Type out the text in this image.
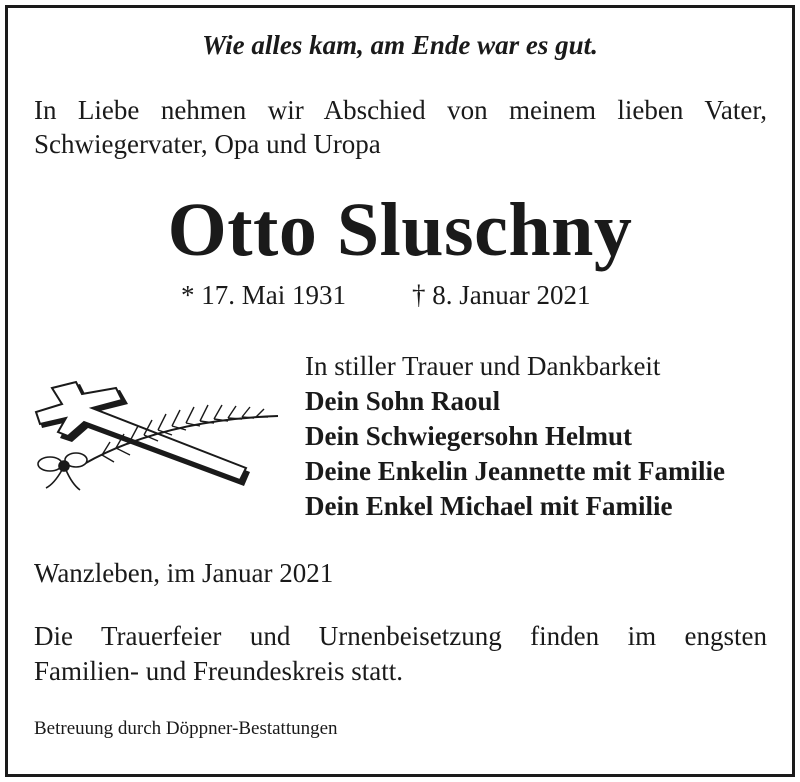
Wie alles kam, am Ende war es gut.
In Liebe nehmen wir Abschied von meinem lieben Vater,
Schwiegervater, Opa und Uropa
Otto Sluschny
* 17. Mai 1931 † 8. Januar 2021
In stiller Trauer und Dankbarkeit
Dein Sohn Raoul
Dein Schwiegersohn Helmut
Deine Enkelin Jeannette mit Familie
Dein Enkel Michael mit Familie
Wanzleben, im Januar 2021
Die Trauerfeier und Urnenbeisetzung finden im engsten
Familien- und Freundeskreis statt.
Betreuung durch Döppner-Bestattungen
